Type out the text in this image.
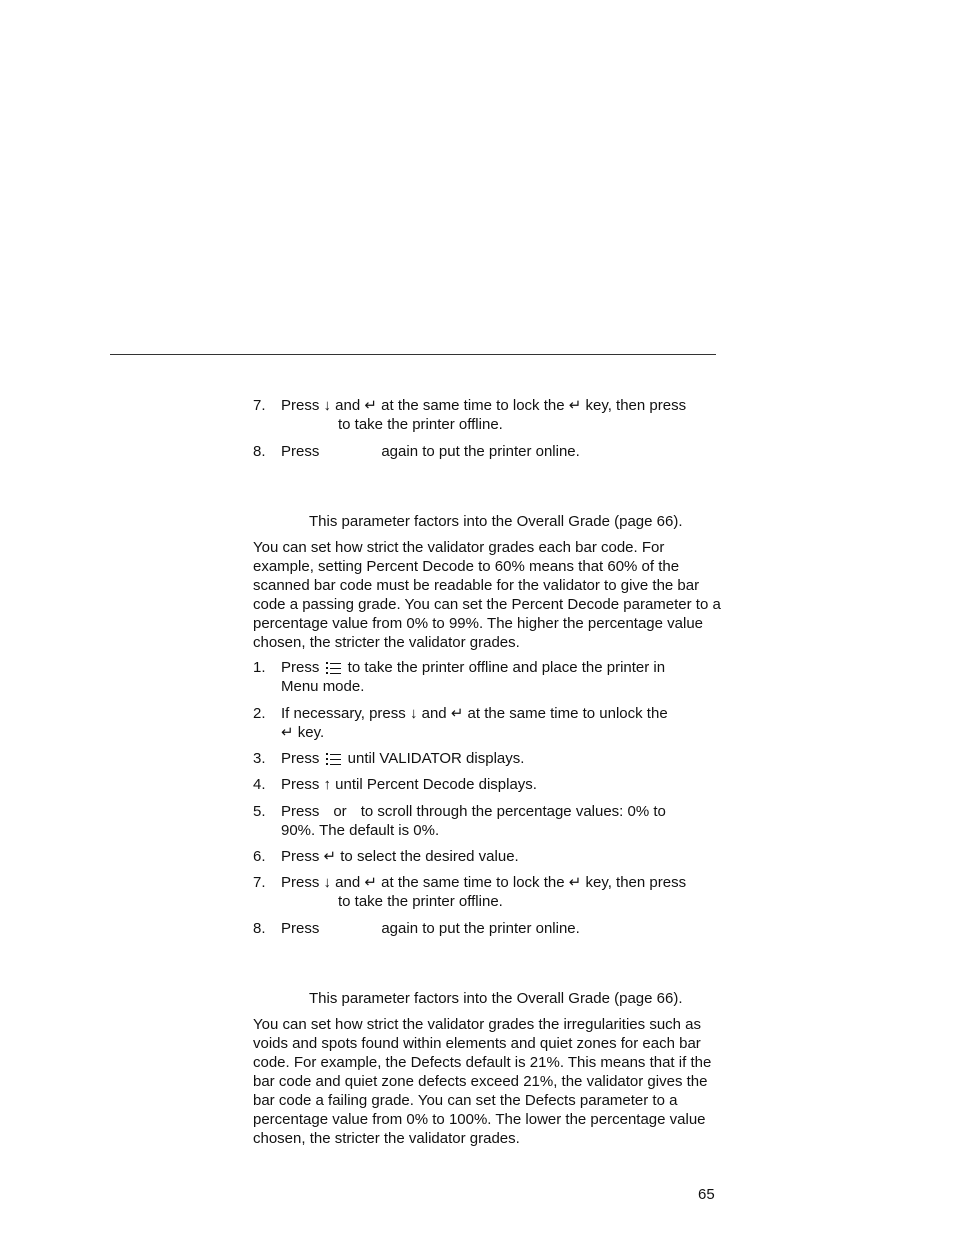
7. Press ↓ and ↵ at the same time to lock the ↵ key, then press
to take the printer offline.
8. Press	again to put the printer online.
This parameter factors into the Overall Grade (page 66).
You can set how strict the validator grades each bar code. For example, setting Percent Decode to 60% means that 60% of the scanned bar code must be readable for the validator to give the bar code a passing grade. You can set the Percent Decode parameter to a percentage value from 0% to 99%. The higher the percentage value chosen, the stricter the validator grades.
1. Press
to take the printer offline and place the printer in
Menu mode.
2. If necessary, press ↓ and ↵ at the same time to unlock the
↵ key.
3. Press
until VALIDATOR displays.
4. Press ↑ until Percent Decode displays.
5. Press or to scroll through the percentage values: 0% to
90%. The default is 0%.
6. Press ↵ to select the desired value.
7. Press ↓ and ↵ at the same time to lock the ↵ key, then press
to take the printer offline.
8. Press	again to put the printer online.
This parameter factors into the Overall Grade (page 66).
You can set how strict the validator grades the irregularities such as voids and spots found within elements and quiet zones for each bar code. For example, the Defects default is 21%. This means that if the bar code and quiet zone defects exceed 21%, the validator gives the bar code a failing grade. You can set the Defects parameter to a percentage value from 0% to 100%. The lower the percentage value chosen, the stricter the validator grades.
65
